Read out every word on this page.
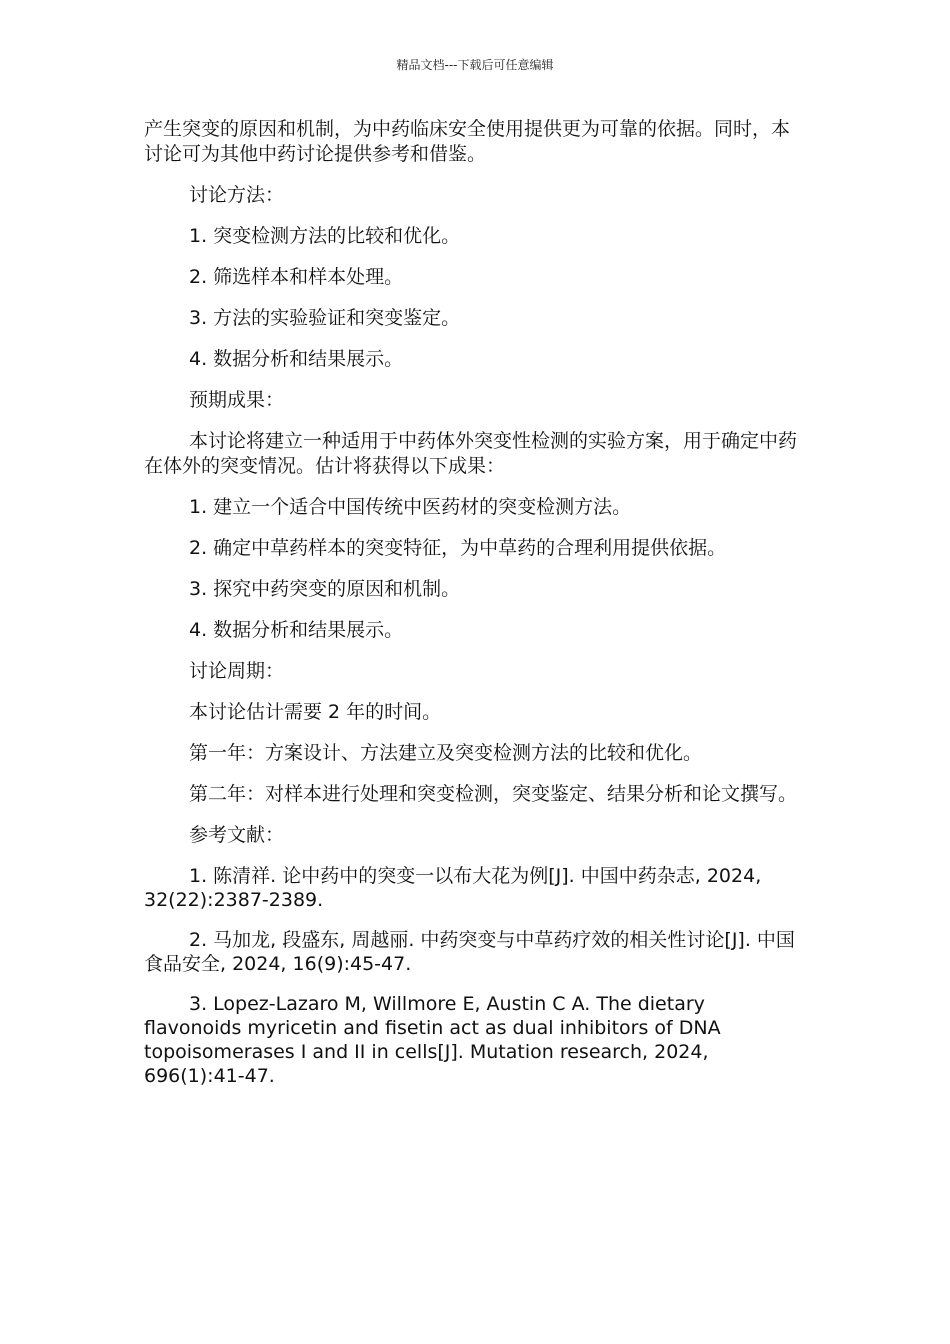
精品文档---下载后可任意编辑

产生突变的原因和机制，为中药临床安全使用提供更为可靠的依据。同时，本讨论可为其他中药讨论提供参考和借鉴。

讨论方法：

1. 突变检测方法的比较和优化。

2. 筛选样本和样本处理。

3. 方法的实验验证和突变鉴定。

4. 数据分析和结果展示。

预期成果：

本讨论将建立一种适用于中药体外突变性检测的实验方案，用于确定中药在体外的突变情况。估计将获得以下成果：

1. 建立一个适合中国传统中医药材的突变检测方法。

2. 确定中草药样本的突变特征，为中草药的合理利用提供依据。

3. 探究中药突变的原因和机制。

4. 数据分析和结果展示。

讨论周期：

本讨论估计需要 2 年的时间。

第一年：方案设计、方法建立及突变检测方法的比较和优化。

第二年：对样本进行处理和突变检测，突变鉴定、结果分析和论文撰写。

参考文献：

1. 陈清祥. 论中药中的突变一以布大花为例[J]. 中国中药杂志, 2024, 32(22):2387-2389.

2. 马加龙, 段盛东, 周越丽. 中药突变与中草药疗效的相关性讨论[J]. 中国食品安全, 2024, 16(9):45-47.

3. Lopez-Lazaro M, Willmore E, Austin C A. The dietary flavonoids myricetin and fisetin act as dual inhibitors of DNA topoisomerases I and II in cells[J]. Mutation research, 2024, 696(1):41-47.
